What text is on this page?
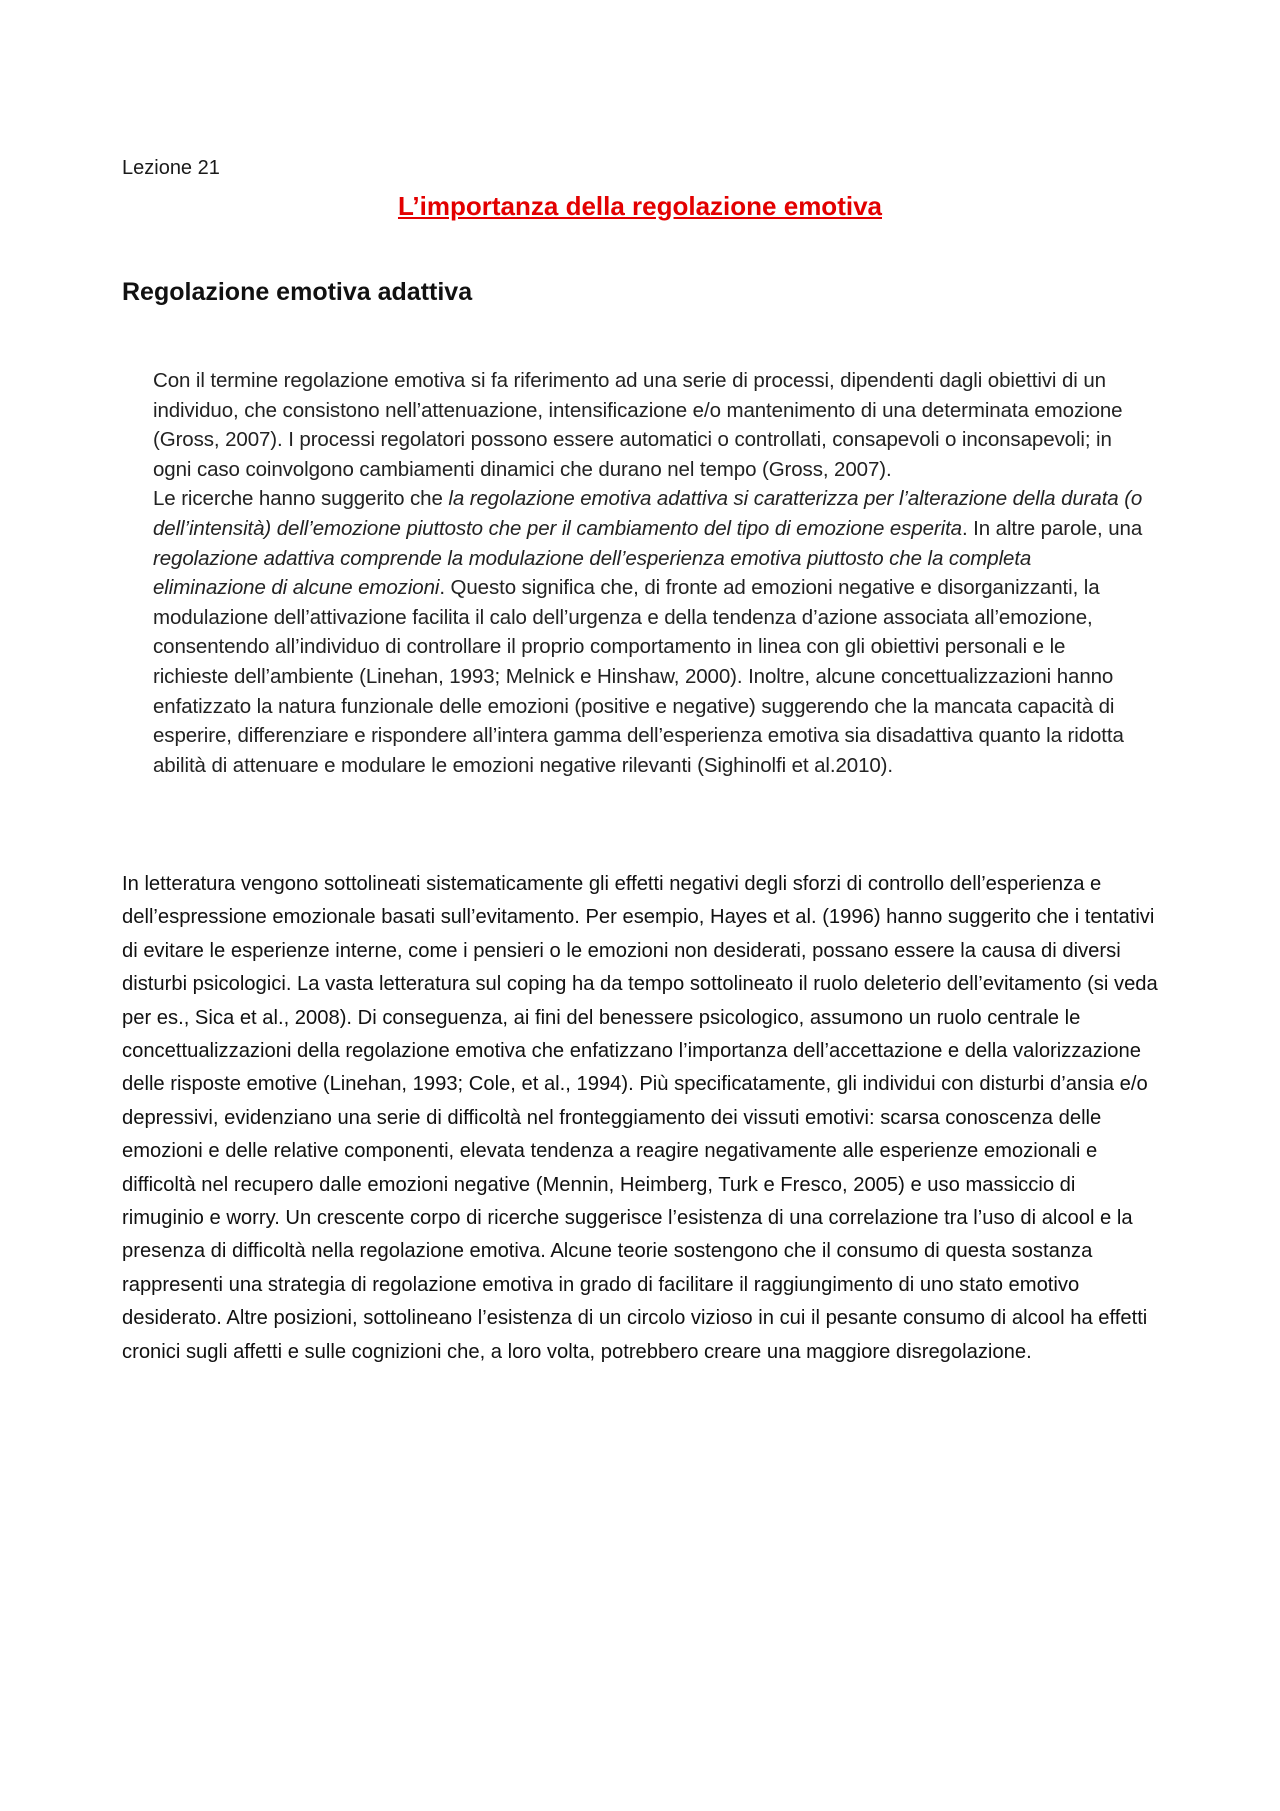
Lezione 21
L’importanza della regolazione emotiva
Regolazione emotiva adattiva

Con il termine regolazione emotiva si fa riferimento ad una serie di processi, dipendenti dagli obiettivi di un individuo, che consistono nell’attenuazione, intensificazione e/o mantenimento di una determinata emozione (Gross, 2007). I processi regolatori possono essere automatici o controllati, consapevoli o inconsapevoli; in ogni caso coinvolgono cambiamenti dinamici che durano nel tempo (Gross, 2007).

Le ricerche hanno suggerito che la regolazione emotiva adattiva si caratterizza per l’alterazione della durata (o dell’intensità) dell’emozione piuttosto che per il cambiamento del tipo di emozione esperita. In altre parole, una regolazione adattiva comprende la modulazione dell’esperienza emotiva piuttosto che la completa eliminazione di alcune emozioni. Questo significa che, di fronte ad emozioni negative e disorganizzanti, la modulazione dell’attivazione facilita il calo dell’urgenza e della tendenza d’azione associata all’emozione, consentendo all’individuo di controllare il proprio comportamento in linea con gli obiettivi personali e le richieste dell’ambiente (Linehan, 1993; Melnick e Hinshaw, 2000). Inoltre, alcune concettualizzazioni hanno enfatizzato la natura funzionale delle emozioni (positive e negative) suggerendo che la mancata capacità di esperire, differenziare e rispondere all’intera gamma dell’esperienza emotiva sia disadattiva quanto la ridotta abilità di attenuare e modulare le emozioni negative rilevanti (Sighinolfi et al.2010).

In letteratura vengono sottolineati sistematicamente gli effetti negativi degli sforzi di controllo dell’esperienza e dell’espressione emozionale basati sull’evitamento. Per esempio, Hayes et al. (1996) hanno suggerito che i tentativi di evitare le esperienze interne, come i pensieri o le emozioni non desiderati, possano essere la causa di diversi disturbi psicologici. La vasta letteratura sul coping ha da tempo sottolineato il ruolo deleterio dell’evitamento (si veda per es., Sica et al., 2008). Di conseguenza, ai fini del benessere psicologico, assumono un ruolo centrale le concettualizzazioni della regolazione emotiva che enfatizzano l’importanza dell’accettazione e della valorizzazione delle risposte emotive (Linehan, 1993; Cole, et al., 1994). Più specificatamente, gli individui con disturbi d’ansia e/o depressivi, evidenziano una serie di difficoltà nel fronteggiamento dei vissuti emotivi: scarsa conoscenza delle emozioni e delle relative componenti, elevata tendenza a reagire negativamente alle esperienze emozionali e difficoltà nel recupero dalle emozioni negative (Mennin, Heimberg, Turk e Fresco, 2005) e uso massiccio di rimuginio e worry. Un crescente corpo di ricerche suggerisce l’esistenza di una correlazione tra l’uso di alcool e la presenza di difficoltà nella regolazione emotiva. Alcune teorie sostengono che il consumo di questa sostanza rappresenti una strategia di regolazione emotiva in grado di facilitare il raggiungimento di uno stato emotivo desiderato. Altre posizioni, sottolineano l’esistenza di un circolo vizioso in cui il pesante consumo di alcool ha effetti cronici sugli affetti e sulle cognizioni che, a loro volta, potrebbero creare una maggiore disregolazione.
